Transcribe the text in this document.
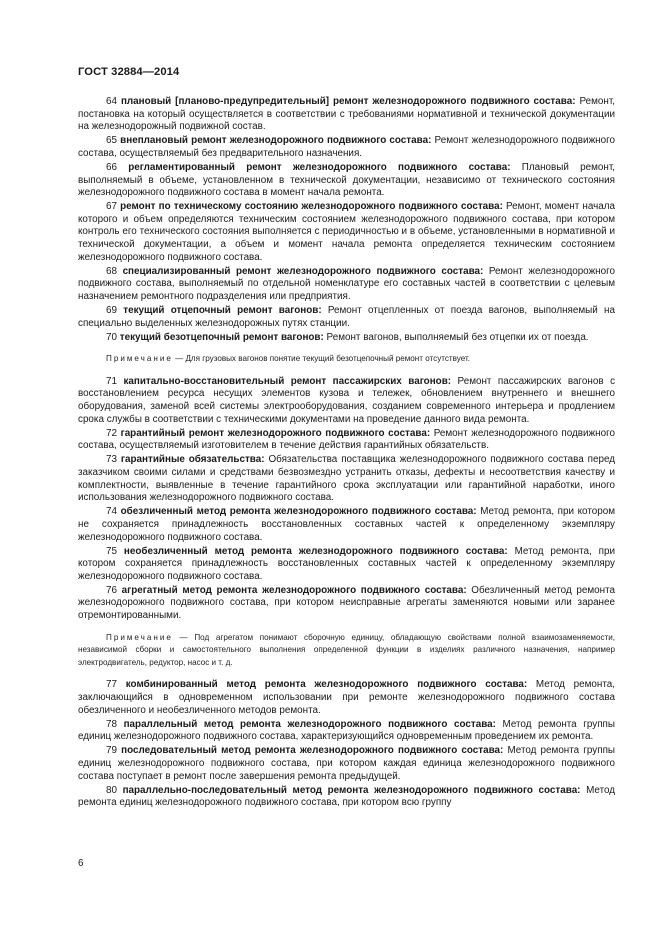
ГОСТ 32884—2014

64 плановый [планово-предупредительный] ремонт железнодорожного подвижного состава: Ремонт, постановка на который осуществляется в соответствии с требованиями нормативной и технической документации на железнодорожный подвижной состав.

65 внеплановый ремонт железнодорожного подвижного состава: Ремонт железнодорожного подвижного состава, осуществляемый без предварительного назначения.

66 регламентированный ремонт железнодорожного подвижного состава: Плановый ремонт, выполняемый в объеме, установленном в технической документации, независимо от технического состояния железнодорожного подвижного состава в момент начала ремонта.

67 ремонт по техническому состоянию железнодорожного подвижного состава: Ремонт, момент начала которого и объем определяются техническим состоянием железнодорожного подвижного состава, при котором контроль его технического состояния выполняется с периодичностью и в объеме, установленными в нормативной и технической документации, а объем и момент начала ремонта определяется техническим состоянием железнодорожного подвижного состава.

68 специализированный ремонт железнодорожного подвижного состава: Ремонт железнодорожного подвижного состава, выполняемый по отдельной номенклатуре его составных частей в соответствии с целевым назначением ремонтного подразделения или предприятия.

69 текущий отцепочный ремонт вагонов: Ремонт отцепленных от поезда вагонов, выполняемый на специально выделенных железнодорожных путях станции.

70 текущий безотцепочный ремонт вагонов: Ремонт вагонов, выполняемый без отцепки их от поезда.

Примечание — Для грузовых вагонов понятие текущий безотцепочный ремонт отсутствует.

71 капитально-восстановительный ремонт пассажирских вагонов: Ремонт пассажирских вагонов с восстановлением ресурса несущих элементов кузова и тележек, обновлением внутреннего и внешнего оборудования, заменой всей системы электрооборудования, созданием современного интерьера и продлением срока службы в соответствии с техническими документами на проведение данного вида ремонта.

72 гарантийный ремонт железнодорожного подвижного состава: Ремонт железнодорожного подвижного состава, осуществляемый изготовителем в течение действия гарантийных обязательств.

73 гарантийные обязательства: Обязательства поставщика железнодорожного подвижного состава перед заказчиком своими силами и средствами безвозмездно устранить отказы, дефекты и несоответствия качеству и комплектности, выявленные в течение гарантийного срока эксплуатации или гарантийной наработки, иного использования железнодорожного подвижного состава.

74 обезличенный метод ремонта железнодорожного подвижного состава: Метод ремонта, при котором не сохраняется принадлежность восстановленных составных частей к определенному экземпляру железнодорожного подвижного состава.

75 необезличенный метод ремонта железнодорожного подвижного состава: Метод ремонта, при котором сохраняется принадлежность восстановленных составных частей к определенному экземпляру железнодорожного подвижного состава.

76 агрегатный метод ремонта железнодорожного подвижного состава: Обезличенный метод ремонта железнодорожного подвижного состава, при котором неисправные агрегаты заменяются новыми или заранее отремонтированными.

Примечание — Под агрегатом понимают сборочную единицу, обладающую свойствами полной взаимозаменяемости, независимой сборки и самостоятельного выполнения определенной функции в изделиях различного назначения, например электродвигатель, редуктор, насос и т. д.

77 комбинированный метод ремонта железнодорожного подвижного состава: Метод ремонта, заключающийся в одновременном использовании при ремонте железнодорожного подвижного состава обезличенного и необезличенного методов ремонта.

78 параллельный метод ремонта железнодорожного подвижного состава: Метод ремонта группы единиц железнодорожного подвижного состава, характеризующийся одновременным проведением их ремонта.

79 последовательный метод ремонта железнодорожного подвижного состава: Метод ремонта группы единиц железнодорожного подвижного состава, при котором каждая единица железнодорожного подвижного состава поступает в ремонт после завершения ремонта предыдущей.

80 параллельно-последовательный метод ремонта железнодорожного подвижного состава: Метод ремонта единиц железнодорожного подвижного состава, при котором всю группу

6
